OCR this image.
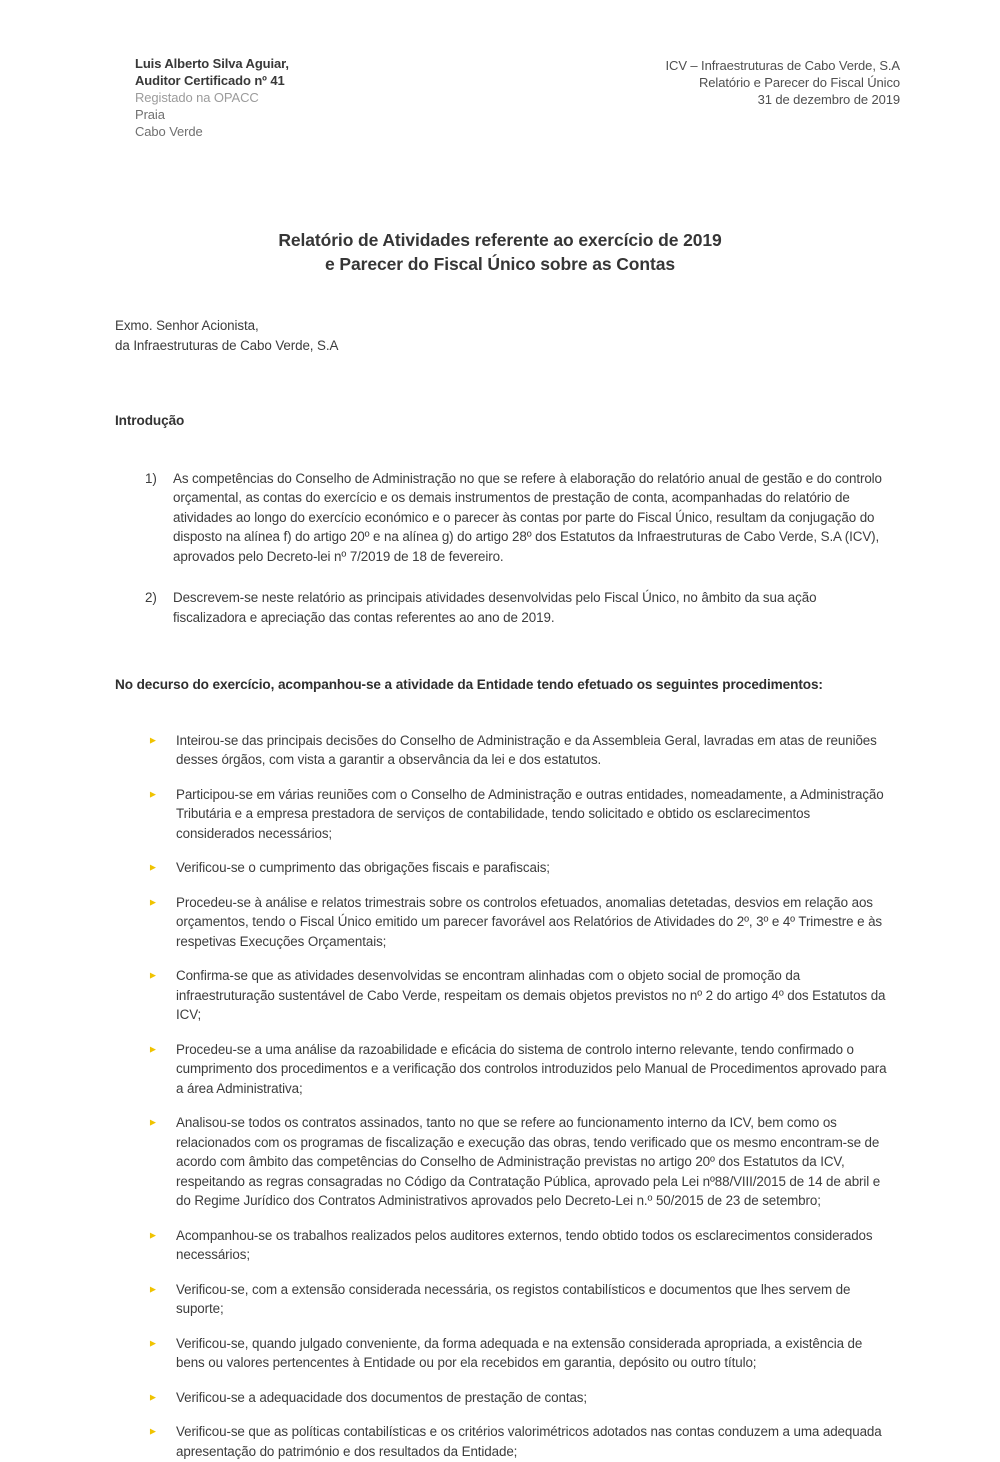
Luis Alberto Silva Aguiar,
Auditor Certificado nº 41
Registado na OPACC
Praia
Cabo Verde
ICV – Infraestruturas de Cabo Verde, S.A
Relatório e Parecer do Fiscal Único
31 de dezembro de 2019
Relatório de Atividades referente ao exercício de 2019
e Parecer do Fiscal Único sobre as Contas
Exmo. Senhor Acionista,
da Infraestruturas de Cabo Verde, S.A
Introdução
1)	As competências do Conselho de Administração no que se refere à elaboração do relatório anual de gestão e do controlo orçamental, as contas do exercício e os demais instrumentos de prestação de conta, acompanhadas do relatório de atividades ao longo do exercício económico e o parecer às contas por parte do Fiscal Único, resultam da conjugação do disposto na alínea f) do artigo 20º e na alínea g) do artigo 28º dos Estatutos da Infraestruturas de Cabo Verde, S.A (ICV), aprovados pelo Decreto-lei nº 7/2019 de 18 de fevereiro.
2)	Descrevem-se neste relatório as principais atividades desenvolvidas pelo Fiscal Único, no âmbito da sua ação fiscalizadora e apreciação das contas referentes ao ano de 2019.

No decurso do exercício, acompanhou-se a atividade da Entidade tendo efetuado os seguintes procedimentos:

►	Inteirou-se das principais decisões do Conselho de Administração e da Assembleia Geral, lavradas em atas de reuniões desses órgãos, com vista a garantir a observância da lei e dos estatutos.
►	Participou-se em várias reuniões com o Conselho de Administração e outras entidades, nomeadamente, a Administração Tributária e a empresa prestadora de serviços de contabilidade, tendo solicitado e obtido os esclarecimentos considerados necessários;
►	Verificou-se o cumprimento das obrigações fiscais e parafiscais;
►	Procedeu-se à análise e relatos trimestrais sobre os controlos efetuados, anomalias detetadas, desvios em relação aos orçamentos, tendo o Fiscal Único emitido um parecer favorável aos Relatórios de Atividades do 2º, 3º e 4º Trimestre e às respetivas Execuções Orçamentais;
►	Confirma-se que as atividades desenvolvidas se encontram alinhadas com o objeto social de promoção da infraestruturação sustentável de Cabo Verde, respeitam os demais objetos previstos no nº 2 do artigo 4º dos Estatutos da ICV;
►	Procedeu-se a uma análise da razoabilidade e eficácia do sistema de controlo interno relevante, tendo confirmado o cumprimento dos procedimentos e a verificação dos controlos introduzidos pelo Manual de Procedimentos aprovado para a área Administrativa;
►	Analisou-se todos os contratos assinados, tanto no que se refere ao funcionamento interno da ICV, bem como os relacionados com os programas de fiscalização e execução das obras, tendo verificado que os mesmo encontram-se de acordo com âmbito das competências do Conselho de Administração previstas no artigo 20º dos Estatutos da ICV, respeitando as regras consagradas no Código da Contratação Pública, aprovado pela Lei nº88/VIII/2015 de 14 de abril e do Regime Jurídico dos Contratos Administrativos aprovados pelo Decreto-Lei n.º 50/2015 de 23 de setembro;
►	Acompanhou-se os trabalhos realizados pelos auditores externos, tendo obtido todos os esclarecimentos considerados necessários;
►	Verificou-se, com a extensão considerada necessária, os registos contabilísticos e documentos que lhes servem de suporte;
►	Verificou-se, quando julgado conveniente, da forma adequada e na extensão considerada apropriada, a existência de bens ou valores pertencentes à Entidade ou por ela recebidos em garantia, depósito ou outro título;
►	Verificou-se a adequacidade dos documentos de prestação de contas;
►	Verificou-se que as políticas contabilísticas e os critérios valorimétricos adotados nas contas conduzem a uma adequada apresentação do património e dos resultados da Entidade;
